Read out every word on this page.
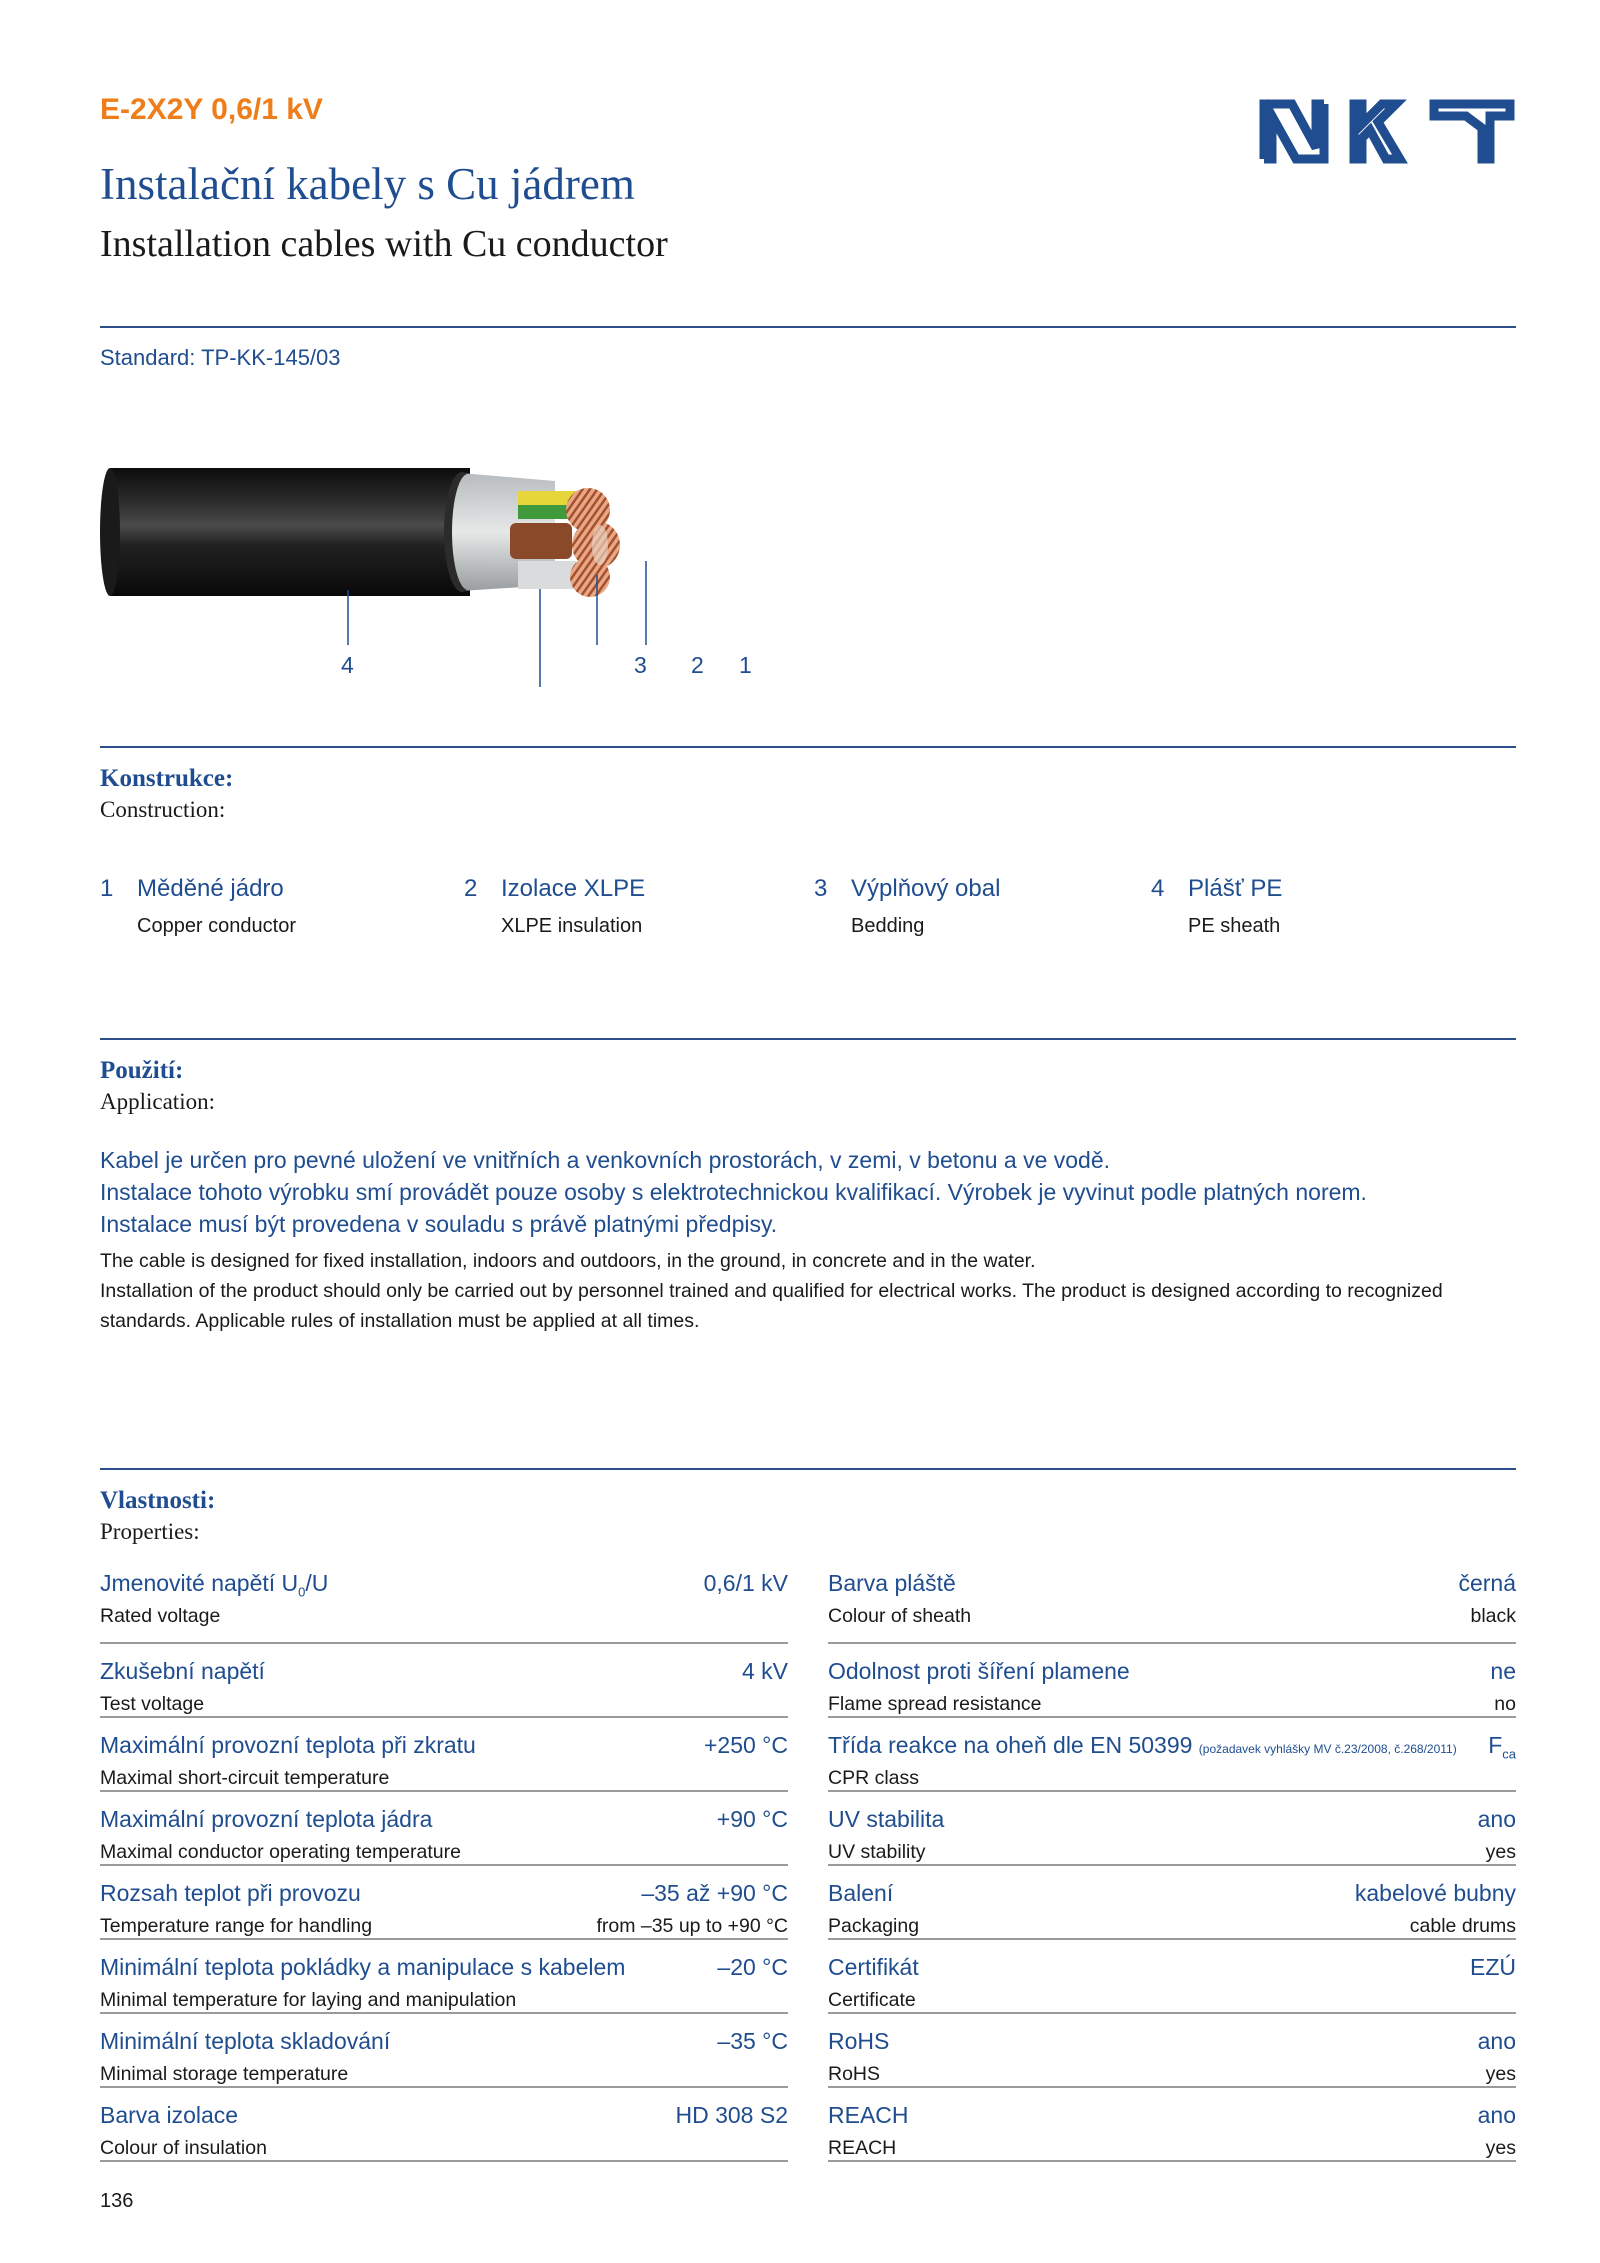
E-2X2Y 0,6/1 kV
Instalační kabely s Cu jádrem
Installation cables with Cu conductor
Standard: TP-KK-145/03
4	3 2 1
Konstrukce:
Construction:
1 Měděné jádro
Copper conductor
2 Izolace XLPE
XLPE insulation
3 Výplňový obal
Bedding
4 Plášť PE
PE sheath
Použití:
Application:
Kabel je určen pro pevné uložení ve vnitřních a venkovních prostorách, v zemi, v betonu a ve vodě.
Instalace tohoto výrobku smí provádět pouze osoby s elektrotechnickou kvalifikací. Výrobek je vyvinut podle platných norem.
Instalace musí být provedena v souladu s právě platnými předpisy.
The cable is designed for fixed installation, indoors and outdoors, in the ground, in concrete and in the water.
Installation of the product should only be carried out by personnel trained and qualified for electrical works. The product is designed according to recognized standards. Applicable rules of installation must be applied at all times.
Vlastnosti:
Properties:
Jmenovité napětí $U_0/U$
Rated voltage
0,6/1 kV
Zkušební napětí
Test voltage
4 kV
Maximální provozní teplota při zkratu
Maximal short-circuit temperature
+250 °C
Maximální provozní teplota jádra
Maximal conductor operating temperature
+90 °C
Rozsah teplot při provozu
Temperature range for handling
–35 až +90 °C
from –35 up to +90 °C
Minimální teplota pokládky a manipulace s kabelem
Minimal temperature for laying and manipulation
–20 °C
Minimální teplota skladování
Minimal storage temperature
–35 °C
Barva izolace
Colour of insulation
HD 308 S2
Barva pláště
Colour of sheath
černá
black
Odolnost proti šíření plamene
Flame spread resistance
ne
no
Třída reakce na oheň dle EN 50399 (požadavek vyhlášky MV č.23/2008, č.268/2011)
CPR class
$F_{ca}$
UV stabilita
UV stability
ano
yes
Balení
Packaging
kabelové bubny
cable drums
Certifikát
Certificate
EZÚ
RoHS
RoHS
ano
yes
REACH
REACH
ano
yes
136
